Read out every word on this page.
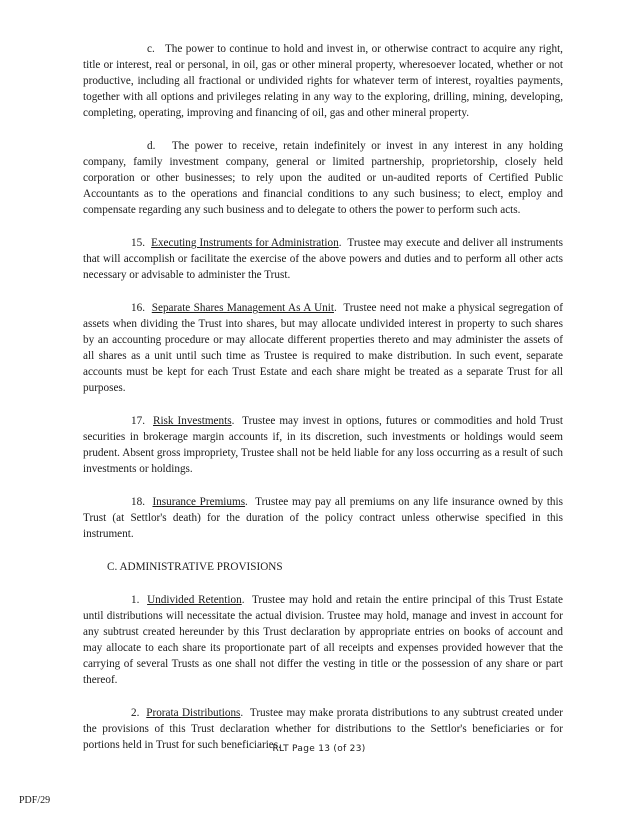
c. The power to continue to hold and invest in, or otherwise contract to acquire any right, title or interest, real or personal, in oil, gas or other mineral property, wheresoever located, whether or not productive, including all fractional or undivided rights for whatever term of interest, royalties payments, together with all options and privileges relating in any way to the exploring, drilling, mining, developing, completing, operating, improving and financing of oil, gas and other mineral property.

d. The power to receive, retain indefinitely or invest in any interest in any holding company, family investment company, general or limited partnership, proprietorship, closely held corporation or other businesses; to rely upon the audited or un-audited reports of Certified Public Accountants as to the operations and financial conditions to any such business; to elect, employ and compensate regarding any such business and to delegate to others the power to perform such acts.

15. Executing Instruments for Administration.  Trustee may execute and deliver all instruments that will accomplish or facilitate the exercise of the above powers and duties and to perform all other acts necessary or advisable to administer the Trust.

16. Separate Shares Management As A Unit.  Trustee need not make a physical segregation of assets when dividing the Trust into shares, but may allocate undivided interest in property to such shares by an accounting procedure or may allocate different properties thereto and may administer the assets of all shares as a unit until such time as Trustee is required to make distribution. In such event, separate accounts must be kept for each Trust Estate and each share might be treated as a separate Trust for all purposes.

17. Risk Investments.  Trustee may invest in options, futures or commodities and hold Trust securities in brokerage margin accounts if, in its discretion, such investments or holdings would seem prudent. Absent gross impropriety, Trustee shall not be held liable for any loss occurring as a result of such investments or holdings.

18. Insurance Premiums.  Trustee may pay all premiums on any life insurance owned by this Trust (at Settlor's death) for the duration of the policy contract unless otherwise specified in this instrument.

C. ADMINISTRATIVE PROVISIONS

1. Undivided Retention.  Trustee may hold and retain the entire principal of this Trust Estate until distributions will necessitate the actual division. Trustee may hold, manage and invest in account for any subtrust created hereunder by this Trust declaration by appropriate entries on books of account and may allocate to each share its proportionate part of all receipts and expenses provided however that the carrying of several Trusts as one shall not differ the vesting in title or the possession of any share or part thereof.

2. Prorata Distributions.  Trustee may make prorata distributions to any subtrust created under the provisions of this Trust declaration whether for distributions to the Settlor's beneficiaries or for portions held in Trust for such beneficiaries.

RLT Page 13 (of 23)
PDF/29
